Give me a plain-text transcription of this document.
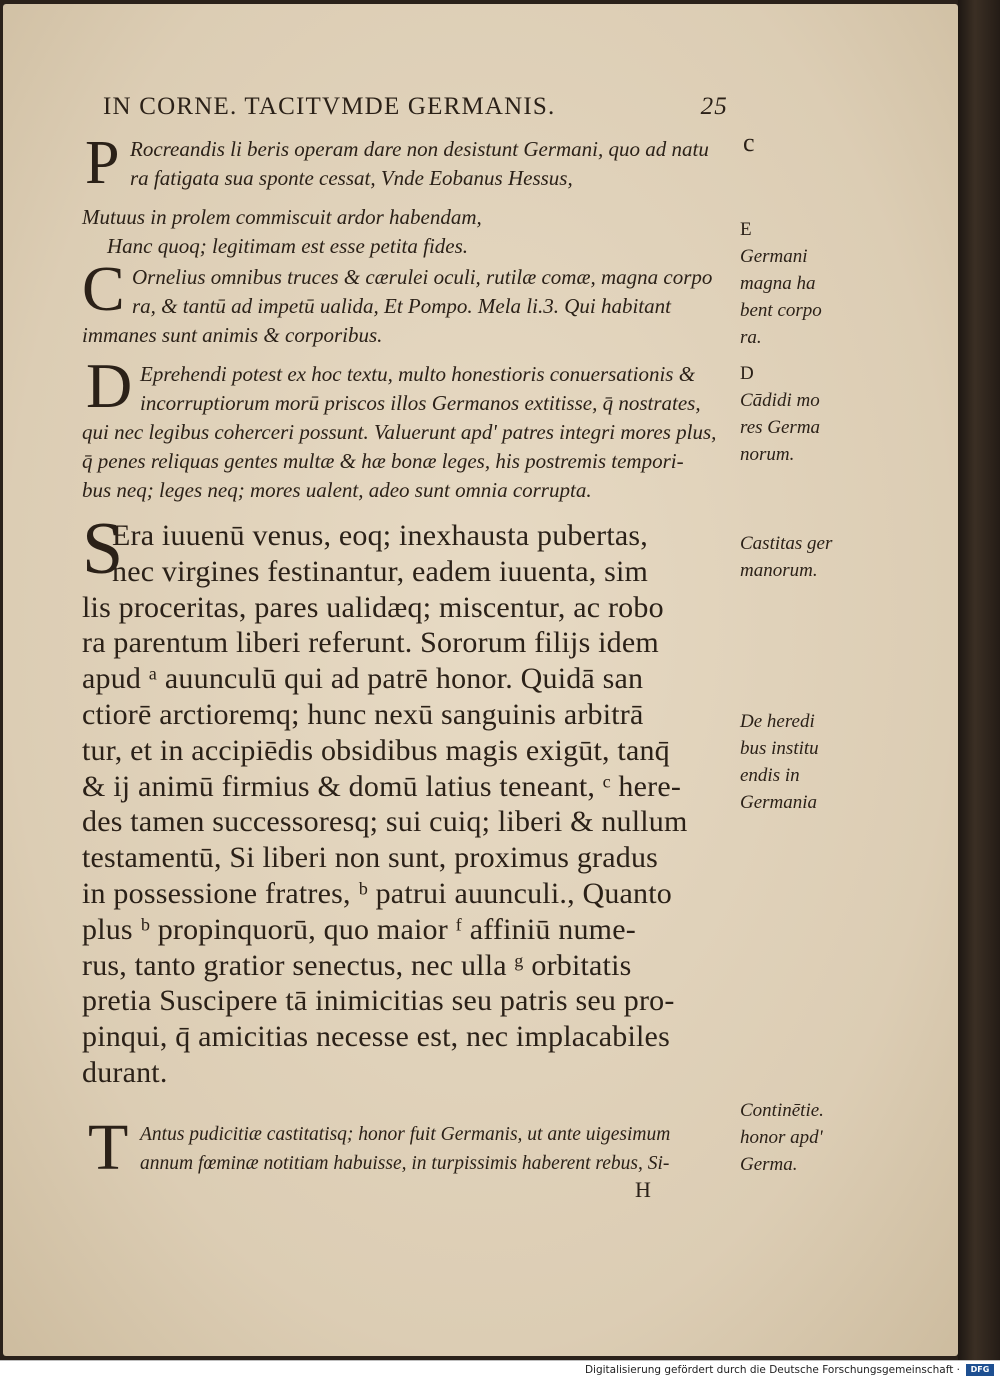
IN CORNE. TACITVMDE GERMANIS.	25
P Rocreandis li beris operam dare non desistunt Germani, quo ad natu
ra fatigata sua sponte cessat, Vnde Eobanus Hessus,
Mutuus in prolem commiscuit ardor habendam,
Hanc quoq; legitimam est esse petita fides.
C Ornelius omnibus truces & cærulei oculi, rutilæ comæ, magna corpo
ra, & tantū ad impetū ualida, Et Pompo. Mela li.3. Qui habitant
immanes sunt animis & corporibus.
D Eprehendi potest ex hoc textu, multo honestioris conuersationis &
incorruptiorum morū priscos illos Germanos extitisse, q̄ nostrates,
qui nec legibus coherceri possunt. Valuerunt apd' patres integri mores plus,
q̄ penes reliquas gentes multæ & hæ bonæ leges, his postremis tempori-
bus neq; leges neq; mores ualent, adeo sunt omnia corrupta.
S
Era iuuenū venus, eoq; inexhausta pubertas,
nec virgines festinantur, eadem iuuenta, sim
lis proceritas, pares ualidæq; miscentur, ac robo
ra parentum liberi referunt. Sororum filijs idem
apud ᵃ auunculū qui ad patrē honor. Quidā san
ctiorē arctioremq; hunc nexū sanguinis arbitrā
tur, et in accipiēdis obsidibus magis exigūt, tanq̄
& ij animū firmius & domū latius teneant, ᶜ here-
des tamen successoresq; sui cuiq; liberi & nullum
testamentū, Si liberi non sunt, proximus gradus
in possessione fratres, ᵇ patrui auunculi., Quanto
plus ᵇ propinquorū, quo maior ᶠ affiniū nume-
rus, tanto gratior senectus, nec ulla ᵍ orbitatis
pretia Suscipere tā inimicitias seu patris seu pro-
pinqui, q̄ amicitias necesse est, nec implacabiles
durant.
T Antus pudicitiæ castitatisq; honor fuit Germanis, ut ante uigesimum
annum fœminæ notitiam habuisse, in turpissimis haberent rebus, Si-
H
c
E
Germani
magna ha
bent corpo
ra.
D
Cādidi mo
res Germa
norum.
Castitas ger
manorum.
De heredi
bus institu
endis in
Germania
Continētie.
honor apd'
Germa.
Digitalisierung gefördert durch die Deutsche Forschungsgemeinschaft ·	DFG
